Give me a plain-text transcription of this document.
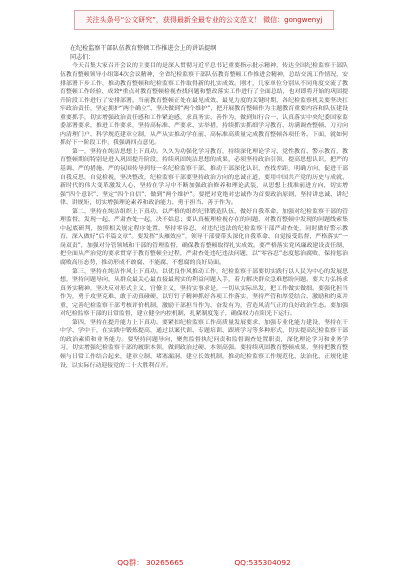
关注头条号“公文研究”，获得最新全最专业的公文范文！ 微信：gongwenyj
在纪检监察干部队伍教育整顿工作推进会上的讲话提纲
同志们：

今天召集大家召开会议的主要目的是深入贯彻习近平总书记重要指示批示精神，传达全国纪检监察干部队伍教育整顿领导小组第4次会议精神，全省纪检监察干部队伍教育整顿工作推进会精神，总结交流工作情况，安排部署下步工作，推动教育整顿和纪检监察工作取得新的扎实成效。刚才，几家单位分别从不同角度交流了教育整顿工作经验、成效*重点对教育整顿检视查找问题和整改落实工作进行了全面总结，也对即将开始的巩固提升阶段工作进行了安排部署。当前教育整顿正处在最见成效、最见力度的关键时期，各纪检监察机关要坚决扛牢政治责任，坚定拥护“两个确立”、坚决做到“两个维护”，把开展教育整顿作为主题教育重要内容和队伍建设重要抓手，切实增强政治责任感和工作紧迫感，求真务实、善作为，做到知行合一、认真落实中央纪委国家监委部署要求，推进工作要求，坚持高标准、严要求、实举措，持续抓实抓细学习教育、坊满调查整顿、刀刃向内清理门户、科学规范建章立制，从严从实推动学在前、高标准高质量完成教育整顿各项任务。下面，就如何抓好下一阶段工作，我强调四点意见。

第一，坚持在纯洁思想上下真功。久久为功强化学习教育，持续深化理论学习、党性教育、警示教育，教育整顿期间特别是进入巩固提升阶段，持续巩固纯洁思想的成果，必须坚持政治引领，提高思想认识，把严的基调、严的措施、严的氛围传导到每一名纪检监察干部，推动干部深化认识，查找差距，明确方向，促进干部自我反思，自觉检视，坚决整改，纪检监察干部要坚持政治方向的忠诚正道，要用中国共产党的历史与成就、新时代的伟大变革激发人心，坚持在学习中不断加强政治修养和理论武装，从思想上找准前进方向，切实增强“四个意识”、坚定“四个自信”、做到“两个维护”。要把对党绝对忠诚作为首要政治原则，坚持讲忠诚、讲纪律、讲规矩，切实增强理论素养和政治能力，勇于担当、善于作为。

第二，坚持在纯洁组织上下真功。以严格的组织纪律锻造队伍，做好自我革命，加强对纪检监察干部的管理监督，发现一起、严肃查处一起，决不姑息；要认真梳理检视存在的问题，对教育整顿中发现的问题线索集中起底研判，按照相关规定程序处置，坚持零容忍，对违纪违法的纪检监察干部严肃查处，同时做好警示教育，深入做好“后半篇文章”。要发挥“头雁效应”，领导干部要带头深化自我革命、自觉接受监督，严格落实“一岗双责”，加强对分管领域和干部的管理监督，确保教育整顿取得扎实成效。要严格落实党风廉政建设责任制，把全面从严治党的要求贯穿于教育整顿全过程，严肃查处违纪违法问题，以“零容忍”态度惩治腐败，保持惩治腐败高压态势，推动形成不敢腐、不能腐、不想腐的良好局面。

第三，坚持在纯洁作风上下真功。以优良作风推动工作，纪检监察干部要切实践行以人民为中心的发展思想，坚持问题导向，从群众最关心最直接最现实的利益问题入手，着力解决群众急难愁盼问题。要大力弘扬求真务实精神，坚决反对形式主义、官僚主义，坚持实事求是，一切从实际出发，把工作做实做细。要强化担当作为，勇于攻坚克难、敢于动真碰硬，以钉钉子精神抓好各项工作落实，坚持严管和厚爱结合、激励和约束并重，完善纪检监察干部考核评价机制，激励干部担当作为、奋发有为，营造风清气正的良好政治生态。要加强对纪检监察干部的日常监督，建立健全内控机制，扎紧制度笼子，确保权力在阳光下运行。

第四，坚持在提升能力上下真功。要紧扣纪检监察工作高质量发展要求，加强专业化能力建设，坚持在干中学、学中干，在实践中锻炼提高，通过以案代训、专题培训、跟班学习等多种形式，切实提高纪检监察干部的政治素质和业务能力。要坚持问题导向，聚焦监督执纪问责和监督调查处置职责，深化理论学习和业务学习，切实增强纪检监察干部的履职本领，做到政治过硬、本领高强。要持续巩固教育整顿成果，坚持把教育整顿与日常工作结合起来，建章立制、堵塞漏洞，建立长效机制，推动纪检监察工作规范化、法治化、正规化建设，以实际行动迎接党的二十大胜利召开。

QQ群： 30265665	QQ:535304092
